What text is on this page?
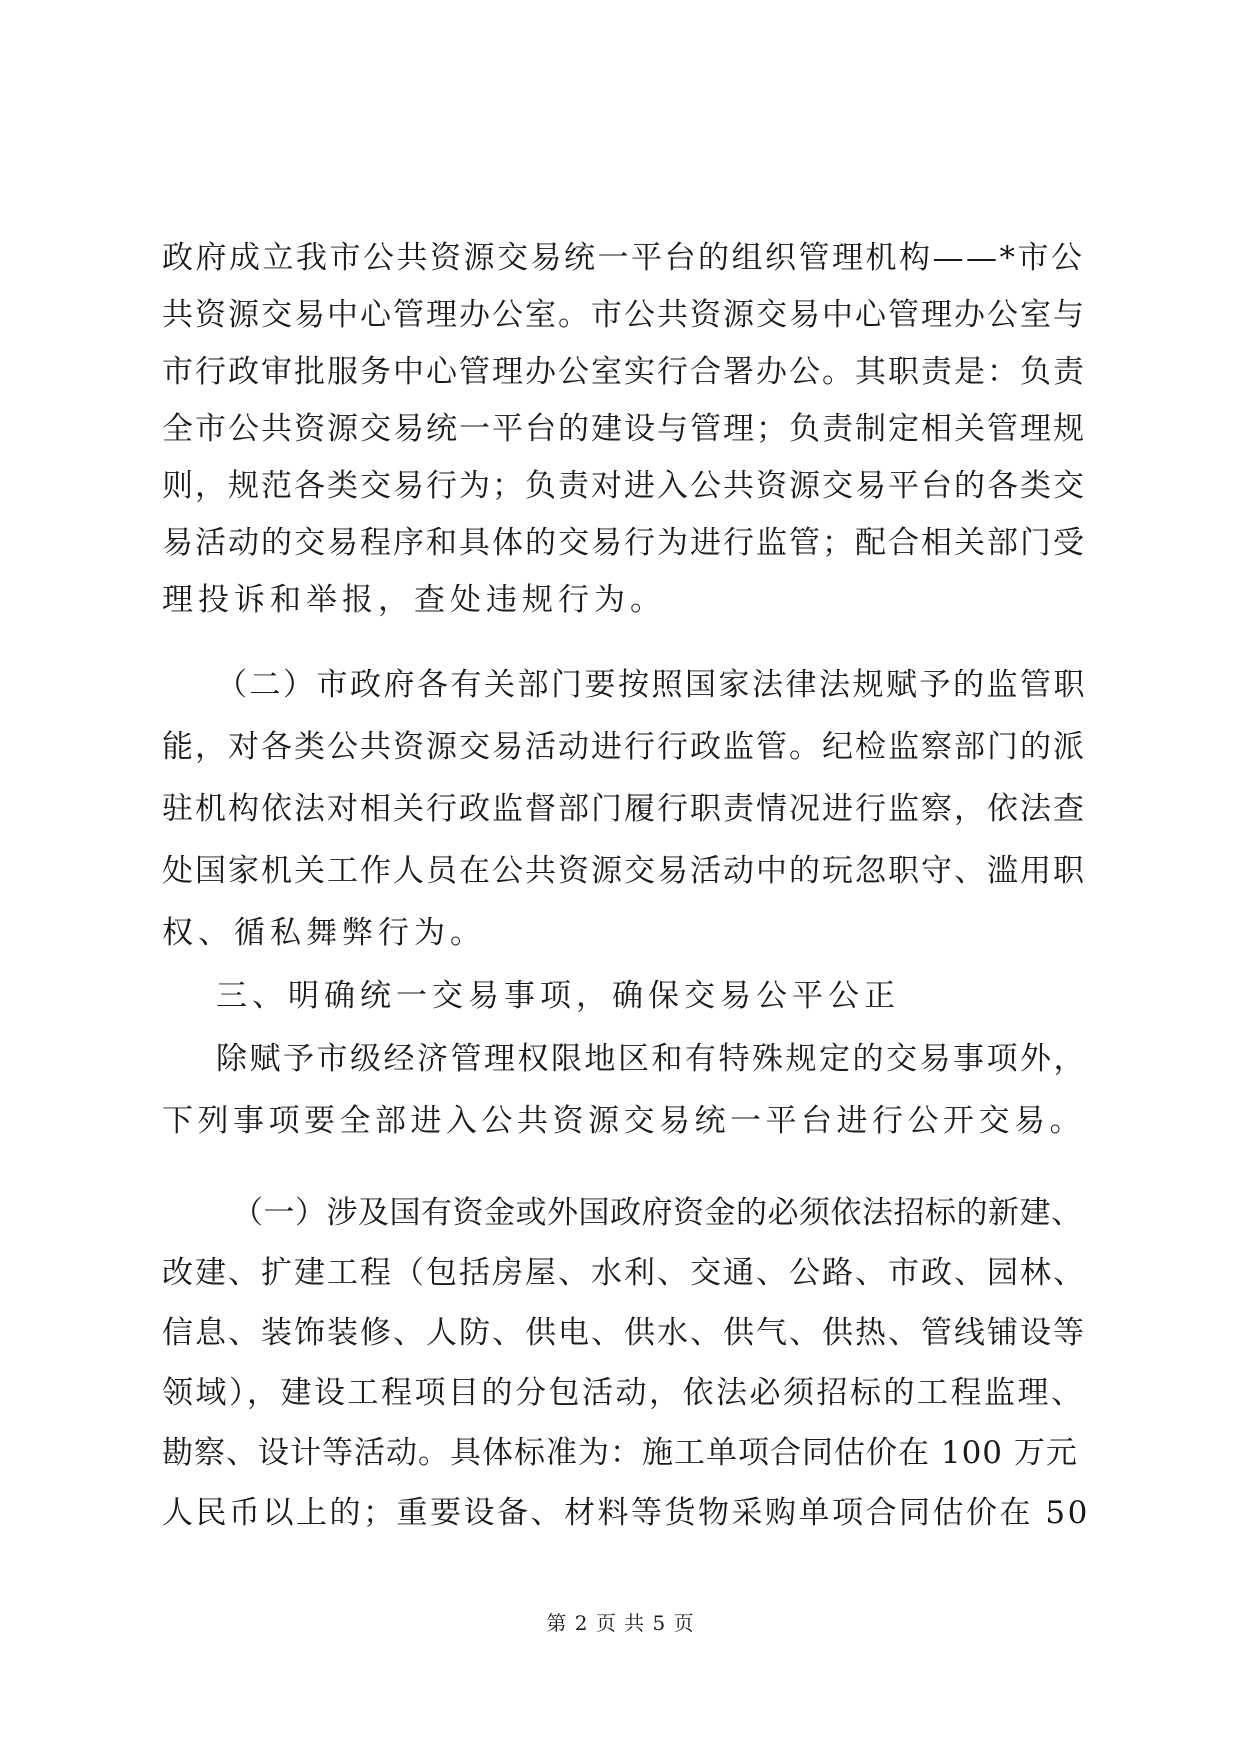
政府成立我市公共资源交易统一平台的组织管理机构——*市公
共资源交易中心管理办公室。市公共资源交易中心管理办公室与
市行政审批服务中心管理办公室实行合署办公。其职责是：负责
全市公共资源交易统一平台的建设与管理；负责制定相关管理规
则，规范各类交易行为；负责对进入公共资源交易平台的各类交
易活动的交易程序和具体的交易行为进行监管；配合相关部门受
理投诉和举报，查处违规行为。
（二）市政府各有关部门要按照国家法律法规赋予的监管职
能，对各类公共资源交易活动进行行政监管。纪检监察部门的派
驻机构依法对相关行政监督部门履行职责情况进行监察，依法查
处国家机关工作人员在公共资源交易活动中的玩忽职守、滥用职
权、循私舞弊行为。
三、明确统一交易事项，确保交易公平公正
除赋予市级经济管理权限地区和有特殊规定的交易事项外，
下列事项要全部进入公共资源交易统一平台进行公开交易。
（一）涉及国有资金或外国政府资金的必须依法招标的新建、
改建、扩建工程（包括房屋、水利、交通、公路、市政、园林、
信息、装饰装修、人防、供电、供水、供气、供热、管线铺设等
领域），建设工程项目的分包活动，依法必须招标的工程监理、
勘察、设计等活动。具体标准为：施工单项合同估价在 100 万元
人民币以上的；重要设备、材料等货物采购单项合同估价在 50
第 2 页 共 5 页
